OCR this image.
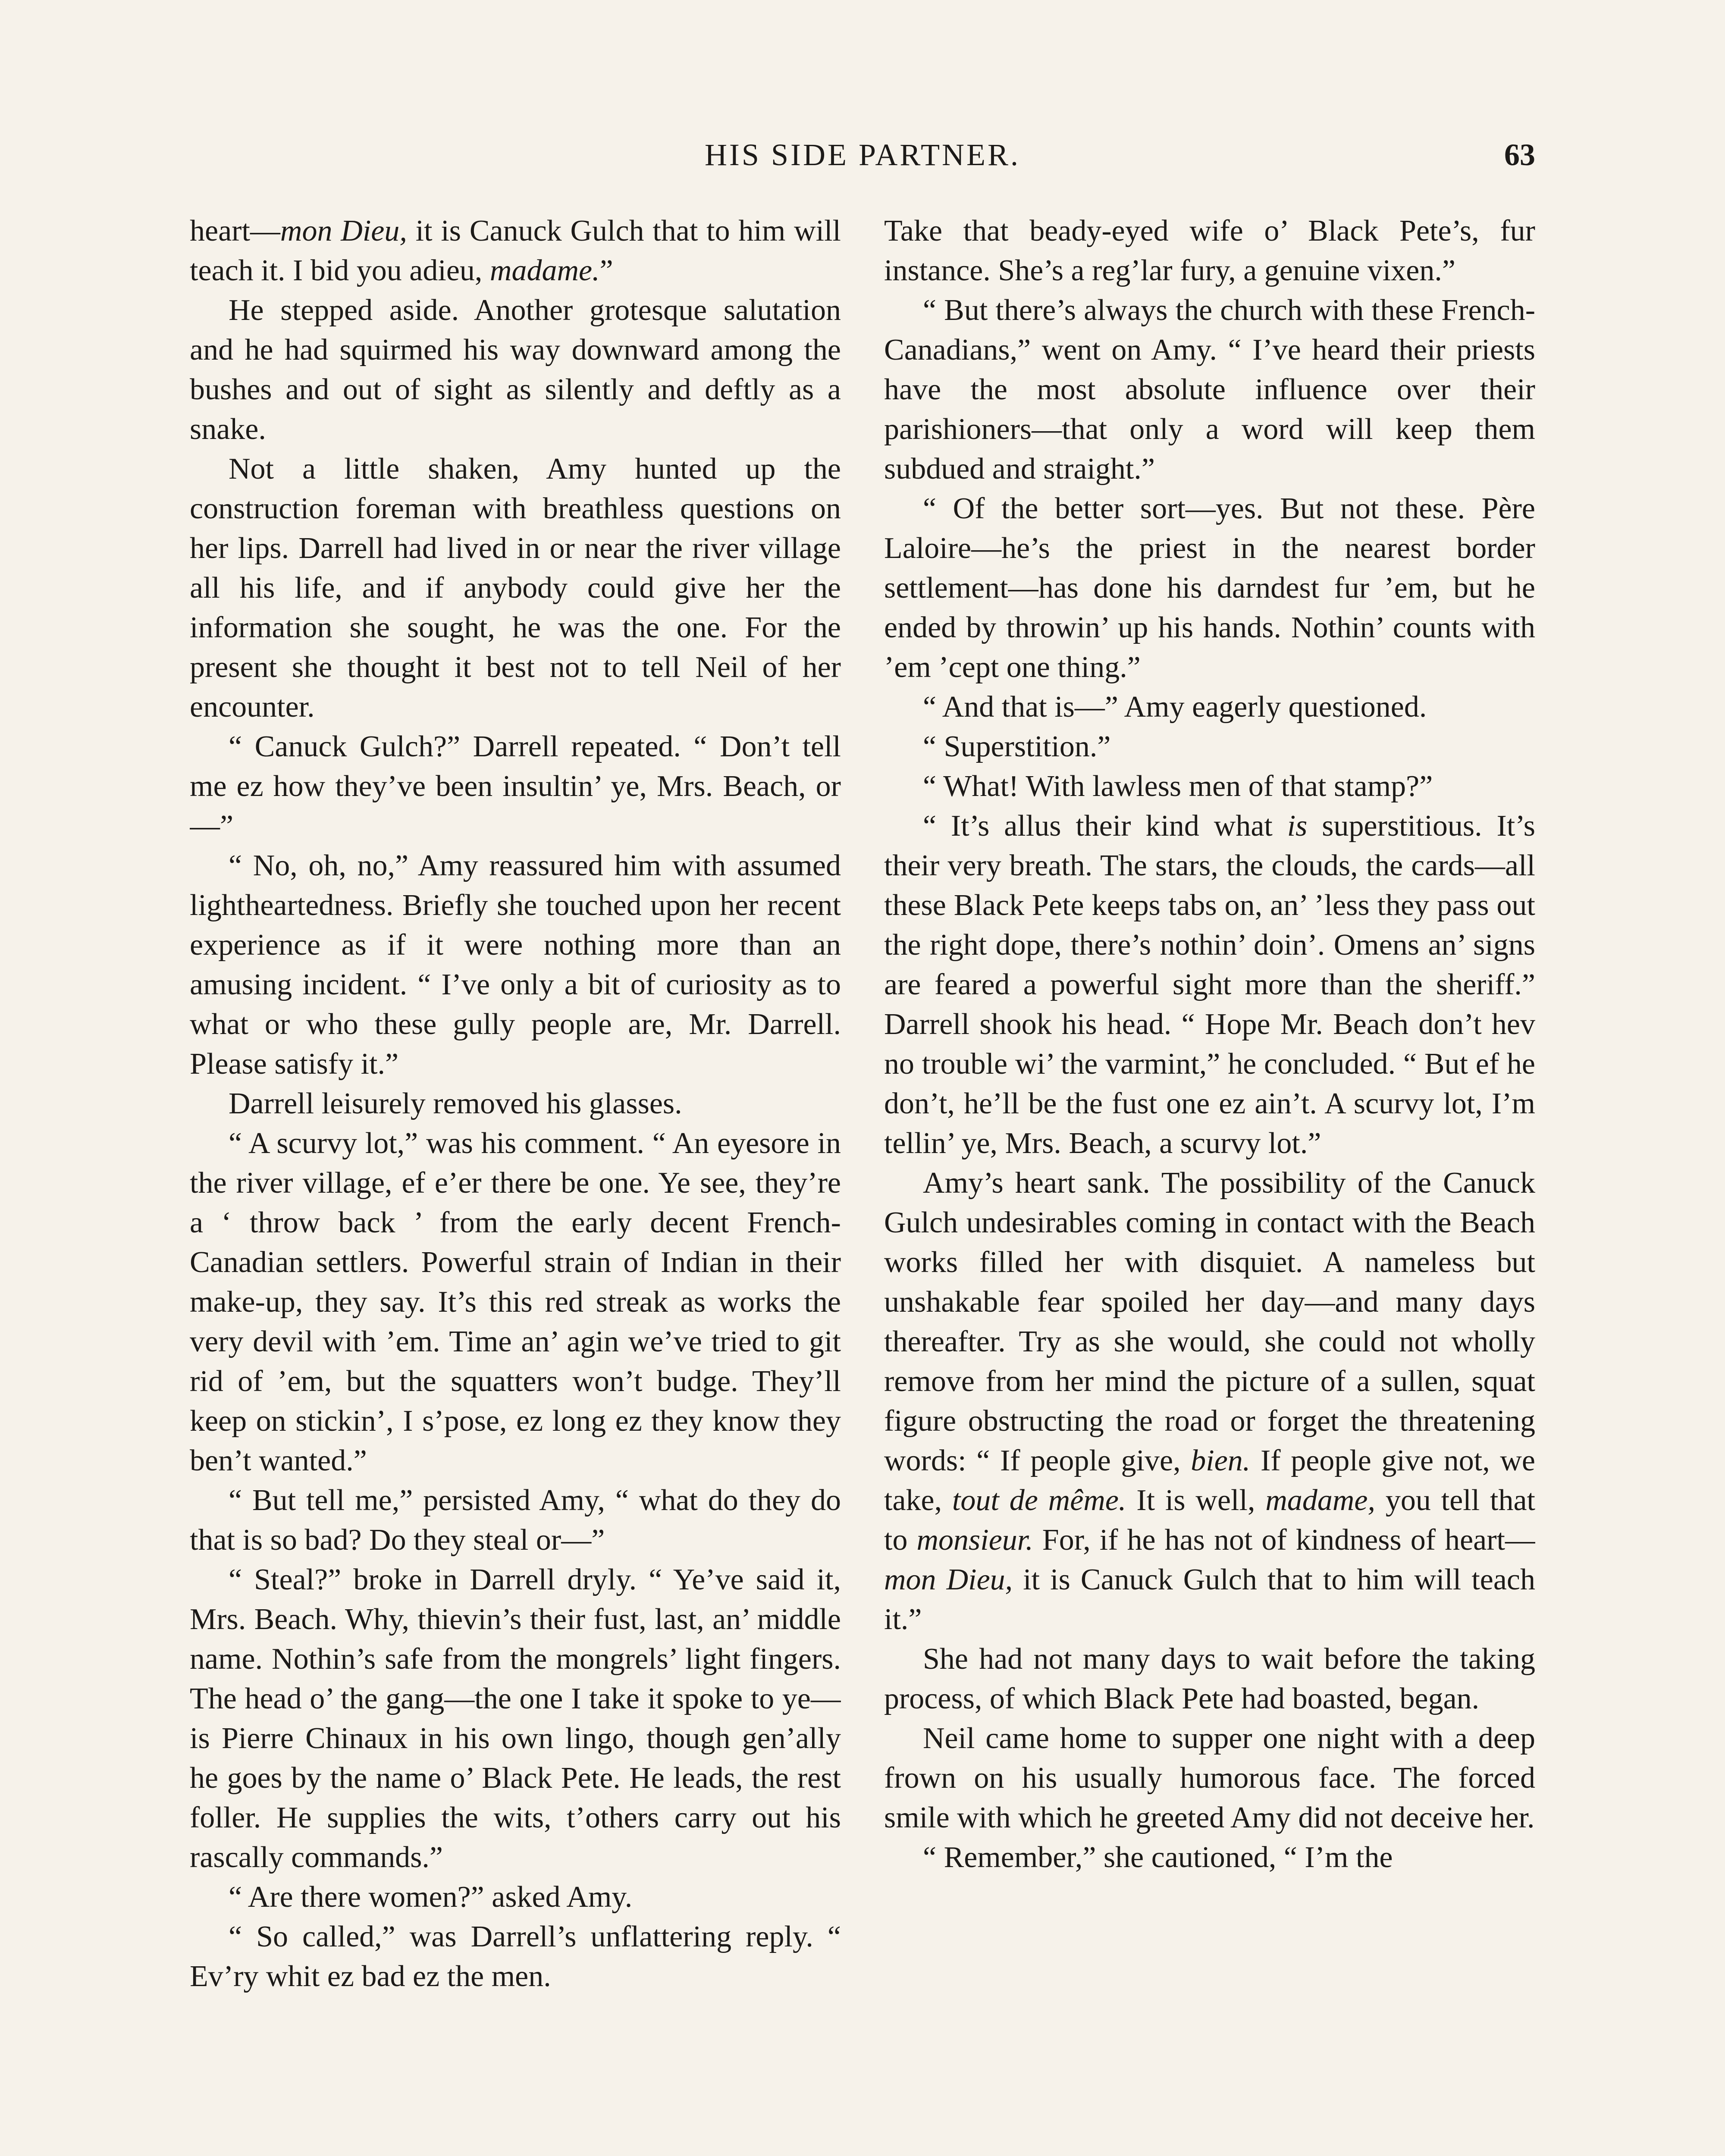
HIS SIDE PARTNER.	63

heart—mon Dieu, it is Canuck Gulch that to him will teach it. I bid you adieu, madame.”

He stepped aside. Another grotesque salutation and he had squirmed his way downward among the bushes and out of sight as silently and deftly as a snake.

Not a little shaken, Amy hunted up the construction foreman with breathless questions on her lips. Darrell had lived in or near the river village all his life, and if anybody could give her the information she sought, he was the one. For the present she thought it best not to tell Neil of her encounter.

“ Canuck Gulch?” Darrell repeated. “ Don’t tell me ez how they’ve been insultin’ ye, Mrs. Beach, or—”

“ No, oh, no,” Amy reassured him with assumed lightheartedness. Briefly she touched upon her recent experience as if it were nothing more than an amusing incident. “ I’ve only a bit of curiosity as to what or who these gully people are, Mr. Darrell. Please satisfy it.”

Darrell leisurely removed his glasses.

“ A scurvy lot,” was his comment. “ An eyesore in the river village, ef e’er there be one. Ye see, they’re a ‘ throw back ’ from the early decent French-Canadian settlers. Powerful strain of Indian in their make-up, they say. It’s this red streak as works the very devil with ’em. Time an’ agin we’ve tried to git rid of ’em, but the squatters won’t budge. They’ll keep on stickin’, I s’pose, ez long ez they know they ben’t wanted.”

“ But tell me,” persisted Amy, “ what do they do that is so bad? Do they steal or—”

“ Steal?” broke in Darrell dryly. “ Ye’ve said it, Mrs. Beach. Why, thievin’s their fust, last, an’ middle name. Nothin’s safe from the mongrels’ light fingers. The head o’ the gang—the one I take it spoke to ye—is Pierre Chinaux in his own lingo, though gen’ally he goes by the name o’ Black Pete. He leads, the rest foller. He supplies the wits, t’others carry out his rascally commands.”

“ Are there women?” asked Amy.

“ So called,” was Darrell’s unflattering reply. “ Ev’ry whit ez bad ez the men.

Take that beady-eyed wife o’ Black Pete’s, fur instance. She’s a reg’lar fury, a genuine vixen.”

“ But there’s always the church with these French-Canadians,” went on Amy. “ I’ve heard their priests have the most absolute influence over their parishioners—that only a word will keep them subdued and straight.”

“ Of the better sort—yes. But not these. Père Laloire—he’s the priest in the nearest border settlement—has done his darndest fur ’em, but he ended by throwin’ up his hands. Nothin’ counts with ’em ’cept one thing.”

“ And that is—” Amy eagerly questioned.

“ Superstition.”

“ What! With lawless men of that stamp?”

“ It’s allus their kind what is superstitious. It’s their very breath. The stars, the clouds, the cards—all these Black Pete keeps tabs on, an’ ’less they pass out the right dope, there’s nothin’ doin’. Omens an’ signs are feared a powerful sight more than the sheriff.” Darrell shook his head. “ Hope Mr. Beach don’t hev no trouble wi’ the varmint,” he concluded. “ But ef he don’t, he’ll be the fust one ez ain’t. A scurvy lot, I’m tellin’ ye, Mrs. Beach, a scurvy lot.”

Amy’s heart sank. The possibility of the Canuck Gulch undesirables coming in contact with the Beach works filled her with disquiet. A nameless but unshakable fear spoiled her day—and many days thereafter. Try as she would, she could not wholly remove from her mind the picture of a sullen, squat figure obstructing the road or forget the threatening words: “ If people give, bien. If people give not, we take, tout de même. It is well, madame, you tell that to monsieur. For, if he has not of kindness of heart—mon Dieu, it is Canuck Gulch that to him will teach it.”

She had not many days to wait before the taking process, of which Black Pete had boasted, began.

Neil came home to supper one night with a deep frown on his usually humorous face. The forced smile with which he greeted Amy did not deceive her.

“ Remember,” she cautioned, “ I’m the
